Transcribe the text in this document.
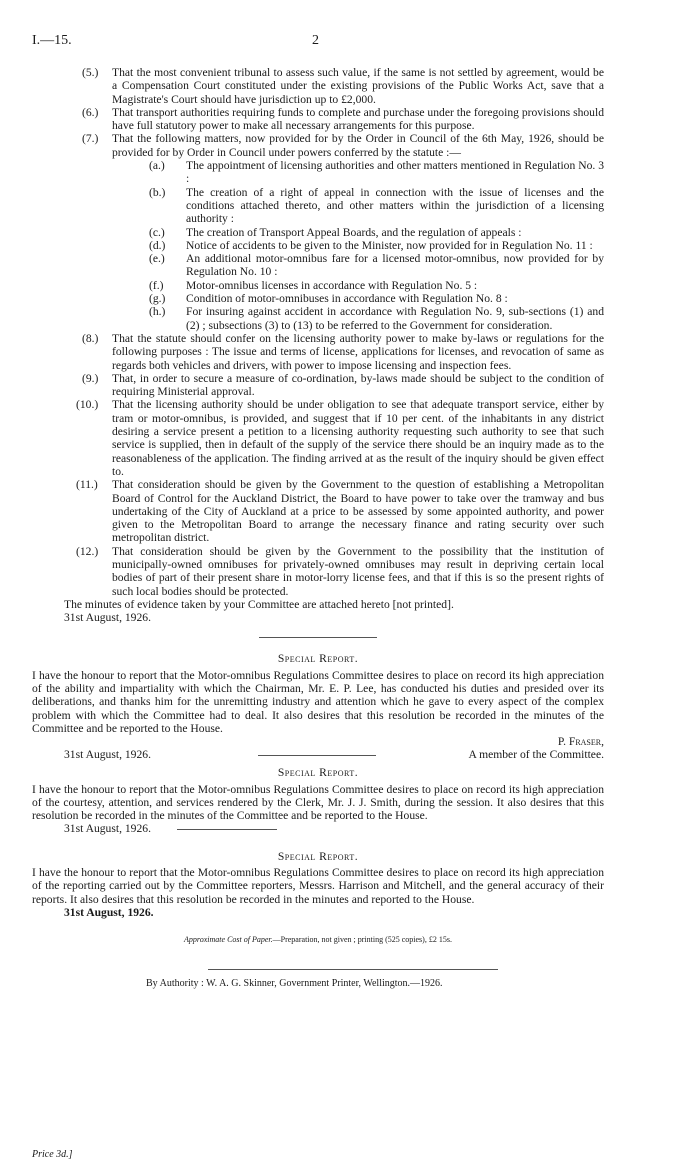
I.—15.	2
(5.) That the most convenient tribunal to assess such value, if the same is not settled by agreement, would be a Compensation Court constituted under the existing provisions of the Public Works Act, save that a Magistrate's Court should have jurisdiction up to £2,000.
(6.) That transport authorities requiring funds to complete and purchase under the foregoing provisions should have full statutory power to make all necessary arrangements for this purpose.
(7.) That the following matters, now provided for by the Order in Council of the 6th May, 1926, should be provided for by Order in Council under powers conferred by the statute :—
(a.) The appointment of licensing authorities and other matters mentioned in Regulation No. 3 :
(b.) The creation of a right of appeal in connection with the issue of licenses and the conditions attached thereto, and other matters within the jurisdiction of a licensing authority :
(c.) The creation of Transport Appeal Boards, and the regulation of appeals :
(d.) Notice of accidents to be given to the Minister, now provided for in Regulation No. 11 :
(e.) An additional motor-omnibus fare for a licensed motor-omnibus, now provided for by Regulation No. 10 :
(f.) Motor-omnibus licenses in accordance with Regulation No. 5 :
(g.) Condition of motor-omnibuses in accordance with Regulation No. 8 :
(h.) For insuring against accident in accordance with Regulation No. 9, sub-sections (1) and (2) ; subsections (3) to (13) to be referred to the Government for consideration.
(8.) That the statute should confer on the licensing authority power to make by-laws or regulations for the following purposes : The issue and terms of license, applications for licenses, and revocation of same as regards both vehicles and drivers, with power to impose licensing and inspection fees.
(9.) That, in order to secure a measure of co-ordination, by-laws made should be subject to the condition of requiring Ministerial approval.
(10.) That the licensing authority should be under obligation to see that adequate transport service, either by tram or motor-omnibus, is provided, and suggest that if 10 per cent. of the inhabitants in any district desiring a service present a petition to a licensing authority requesting such authority to see that such service is supplied, then in default of the supply of the service there should be an inquiry made as to the reasonableness of the application. The finding arrived at as the result of the inquiry should be given effect to.
(11.) That consideration should be given by the Government to the question of establishing a Metropolitan Board of Control for the Auckland District, the Board to have power to take over the tramway and bus undertaking of the City of Auckland at a price to be assessed by some appointed authority, and power given to the Metropolitan Board to arrange the necessary finance and rating security over such metropolitan district.
(12.) That consideration should be given by the Government to the possibility that the institution of municipally-owned omnibuses for privately-owned omnibuses may result in depriving certain local bodies of part of their present share in motor-lorry license fees, and that if this is so the present rights of such local bodies should be protected.
The minutes of evidence taken by your Committee are attached hereto [not printed].
31st August, 1926.
Special Report.
I have the honour to report that the Motor-omnibus Regulations Committee desires to place on record its high appreciation of the ability and impartiality with which the Chairman, Mr. E. P. Lee, has conducted his duties and presided over its deliberations, and thanks him for the unremitting industry and attention which he gave to every aspect of the complex problem with which the Committee had to deal. It also desires that this resolution be recorded in the minutes of the Committee and be reported to the House.
P. Fraser,
31st August, 1926.	A member of the Committee.
Special Report.
I have the honour to report that the Motor-omnibus Regulations Committee desires to place on record its high appreciation of the courtesy, attention, and services rendered by the Clerk, Mr. J. J. Smith, during the session. It also desires that this resolution be recorded in the minutes of the Committee and be reported to the House.
31st August, 1926.
Special Report.
I have the honour to report that the Motor-omnibus Regulations Committee desires to place on record its high appreciation of the reporting carried out by the Committee reporters, Messrs. Harrison and Mitchell, and the general accuracy of their reports. It also desires that this resolution be recorded in the minutes and reported to the House.
31st August, 1926.
Approximate Cost of Paper.—Preparation, not given ; printing (525 copies), £2 15s.
By Authority : W. A. G. Skinner, Government Printer, Wellington.—1926.
Price 3d.]
